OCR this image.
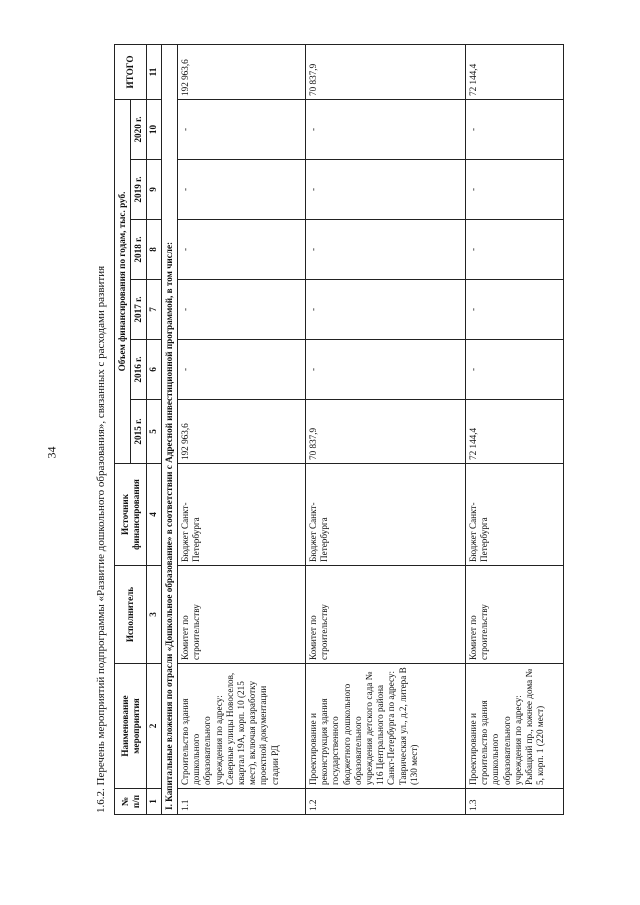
34	1.6.2. Перечень мероприятий подпрограммы «Развитие дошкольного образования», связанных с расходами развития № п/п	Наименование мероприятия	Исполнитель	Источник финансирования	Объем финансирования по годам, тыс. руб.						ИТОГО
				2015 г.	2016 г.	2017 г.	2018 г.	2019 г.	2020 г.	
1	2	3	4	5	6	7	8	9	10	11
I. Капитальные вложения по отрасли «Дошкольное образование» в соответствии с Адресной инвестиционной программой, в том числе:										
1.1	Строительство здания дошкольного образовательного учреждения по адресу: Северные улицы Новоселов, квартал 19А, корп. 10 (215 мест), включая разработку проектной документации стадии РД	Комитет по строительству	Бюджет Санкт-Петербурга	192 963,6	-	-	-	-	-	192 963,6
1.2	Проектирование и реконструкция здания государственного бюджетного дошкольного образовательного учреждения детского сада № 116 Центрального района Санкт-Петербурга по адресу: Таврическая ул., д.2, литера В (130 мест)	Комитет по строительству	Бюджет Санкт-Петербурга	70 837,9	-	-	-	-	-	70 837,9
1.3	Проектирование и строительство здания дошкольного образовательного учреждения по адресу: Рыбацкий пр., южнее дома № 5, корп. 1 (220 мест)	Комитет по строительству	Бюджет Санкт-Петербурга	72 144,4	-	-	-	-	-	72 144,4
